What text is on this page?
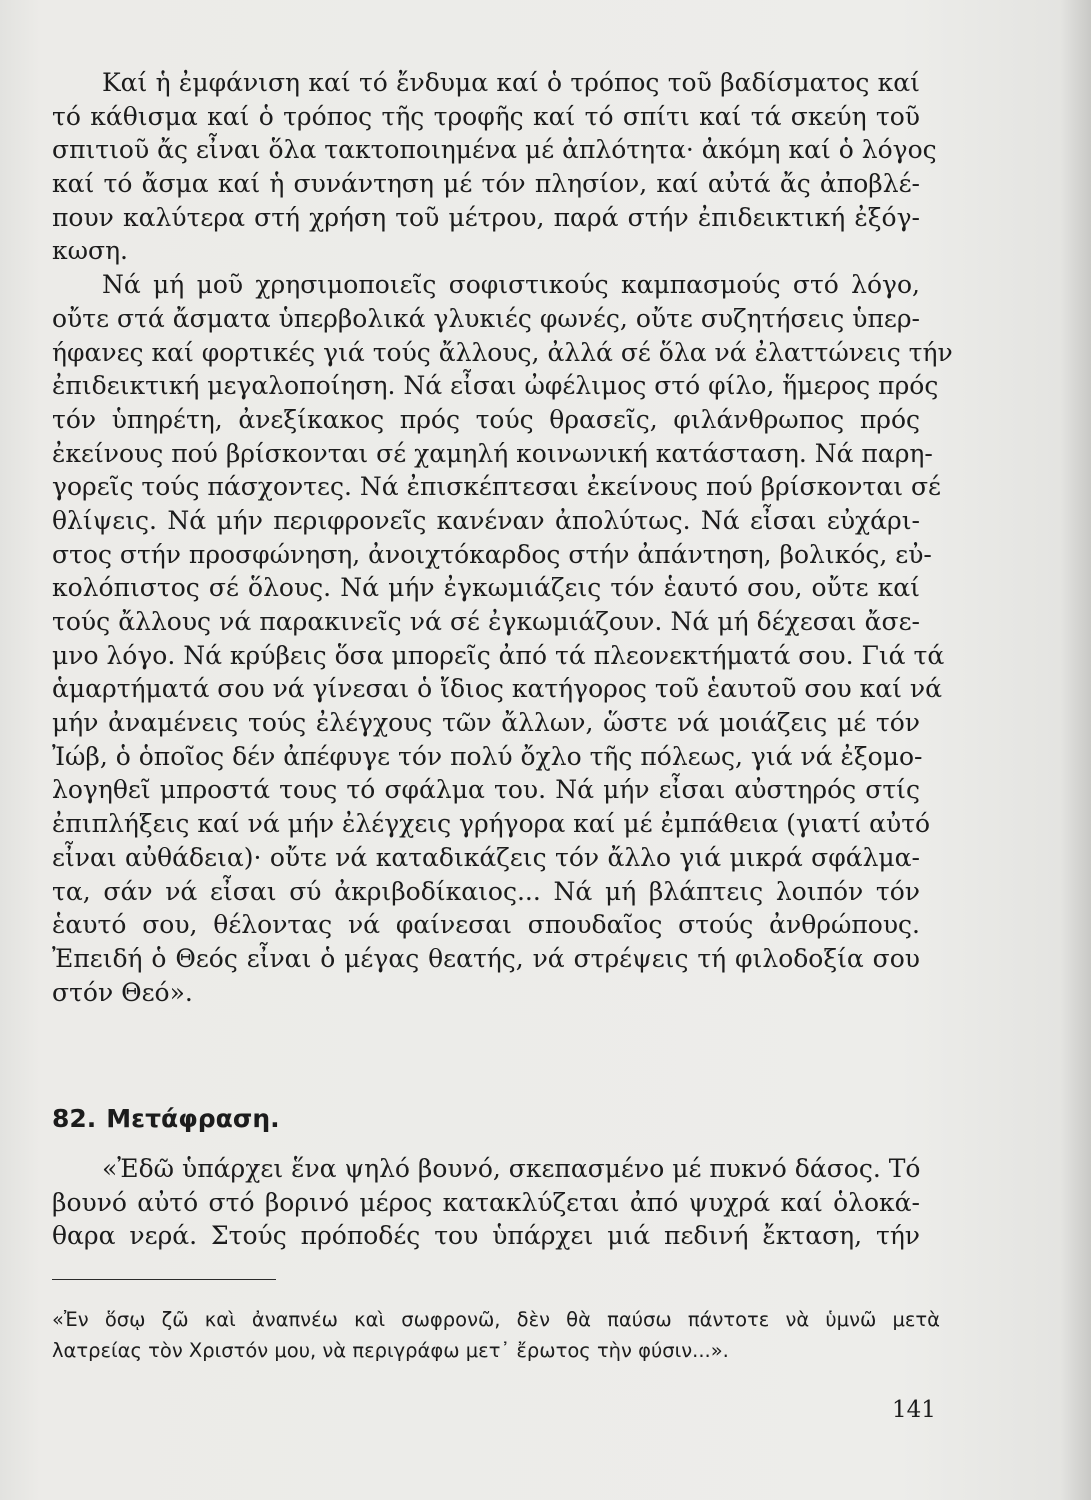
Καί ἡ ἐμφάνιση καί τό ἔνδυμα καί ὁ τρόπος τοῦ βαδίσματος καί
τό κάθισμα καί ὁ τρόπος τῆς τροφῆς καί τό σπίτι καί τά σκεύη τοῦ
σπιτιοῦ ἄς εἶναι ὅλα τακτοποιημένα μέ ἀπλότητα· ἀκόμη καί ὁ λόγος
καί τό ἄσμα καί ἡ συνάντηση μέ τόν πλησίον, καί αὐτά ἄς ἀποβλέ-
πουν καλύτερα στή χρήση τοῦ μέτρου, παρά στήν ἐπιδεικτική ἐξόγ-
κωση.
Νά μή μοῦ χρησιμοποιεῖς σοφιστικούς καμπασμούς στό λόγο,
οὔτε στά ἄσματα ὑπερβολικά γλυκιές φωνές, οὔτε συζητήσεις ὑπερ-
ήφανες καί φορτικές γιά τούς ἄλλους, ἀλλά σέ ὅλα νά ἐλαττώνεις τήν
ἐπιδεικτική μεγαλοποίηση. Νά εἶσαι ὠφέλιμος στό φίλο, ἥμερος πρός
τόν ὑπηρέτη, ἀνεξίκακος πρός τούς θρασεῖς, φιλάνθρωπος πρός
ἐκείνους πού βρίσκονται σέ χαμηλή κοινωνική κατάσταση. Νά παρη-
γορεῖς τούς πάσχοντες. Νά ἐπισκέπτεσαι ἐκείνους πού βρίσκονται σέ
θλίψεις. Νά μήν περιφρονεῖς κανέναν ἀπολύτως. Νά εἶσαι εὐχάρι-
στος στήν προσφώνηση, ἀνοιχτόκαρδος στήν ἀπάντηση, βολικός, εὐ-
κολόπιστος σέ ὅλους. Νά μήν ἐγκωμιάζεις τόν ἑαυτό σου, οὔτε καί
τούς ἄλλους νά παρακινεῖς νά σέ ἐγκωμιάζουν. Νά μή δέχεσαι ἄσε-
μνο λόγο. Νά κρύβεις ὅσα μπορεῖς ἀπό τά πλεονεκτήματά σου. Γιά τά
ἁμαρτήματά σου νά γίνεσαι ὁ ἴδιος κατήγορος τοῦ ἑαυτοῦ σου καί νά
μήν ἀναμένεις τούς ἐλέγχους τῶν ἄλλων, ὥστε νά μοιάζεις μέ τόν
Ἰώβ, ὁ ὁποῖος δέν ἀπέφυγε τόν πολύ ὄχλο τῆς πόλεως, γιά νά ἐξομο-
λογηθεῖ μπροστά τους τό σφάλμα του. Νά μήν εἶσαι αὐστηρός στίς
ἐπιπλήξεις καί νά μήν ἐλέγχεις γρήγορα καί μέ ἐμπάθεια (γιατί αὐτό
εἶναι αὐθάδεια)· οὔτε νά καταδικάζεις τόν ἄλλο γιά μικρά σφάλμα-
τα, σάν νά εἶσαι σύ ἀκριβοδίκαιος... Νά μή βλάπτεις λοιπόν τόν
ἑαυτό σου, θέλοντας νά φαίνεσαι σπουδαῖος στούς ἀνθρώπους.
Ἐπειδή ὁ Θεός εἶναι ὁ μέγας θεατής, νά στρέψεις τή φιλοδοξία σου
στόν Θεό».
82. Μετάφραση.
«Ἐδῶ ὑπάρχει ἕνα ψηλό βουνό, σκεπασμένο μέ πυκνό δάσος. Τό
βουνό αὐτό στό βορινό μέρος κατακλύζεται ἀπό ψυχρά καί ὁλοκά-
θαρα νερά. Στούς πρόποδές του ὑπάρχει μιά πεδινή ἔκταση, τήν
«Ἐν ὅσῳ ζῶ καὶ ἀναπνέω καὶ σωφρονῶ, δὲν θὰ παύσω πάντοτε νὰ ὑμνῶ μετὰ
λατρείας τὸν Χριστόν μου, νὰ περιγράφω μετ᾽ ἔρωτος τὴν φύσιν...».
141
